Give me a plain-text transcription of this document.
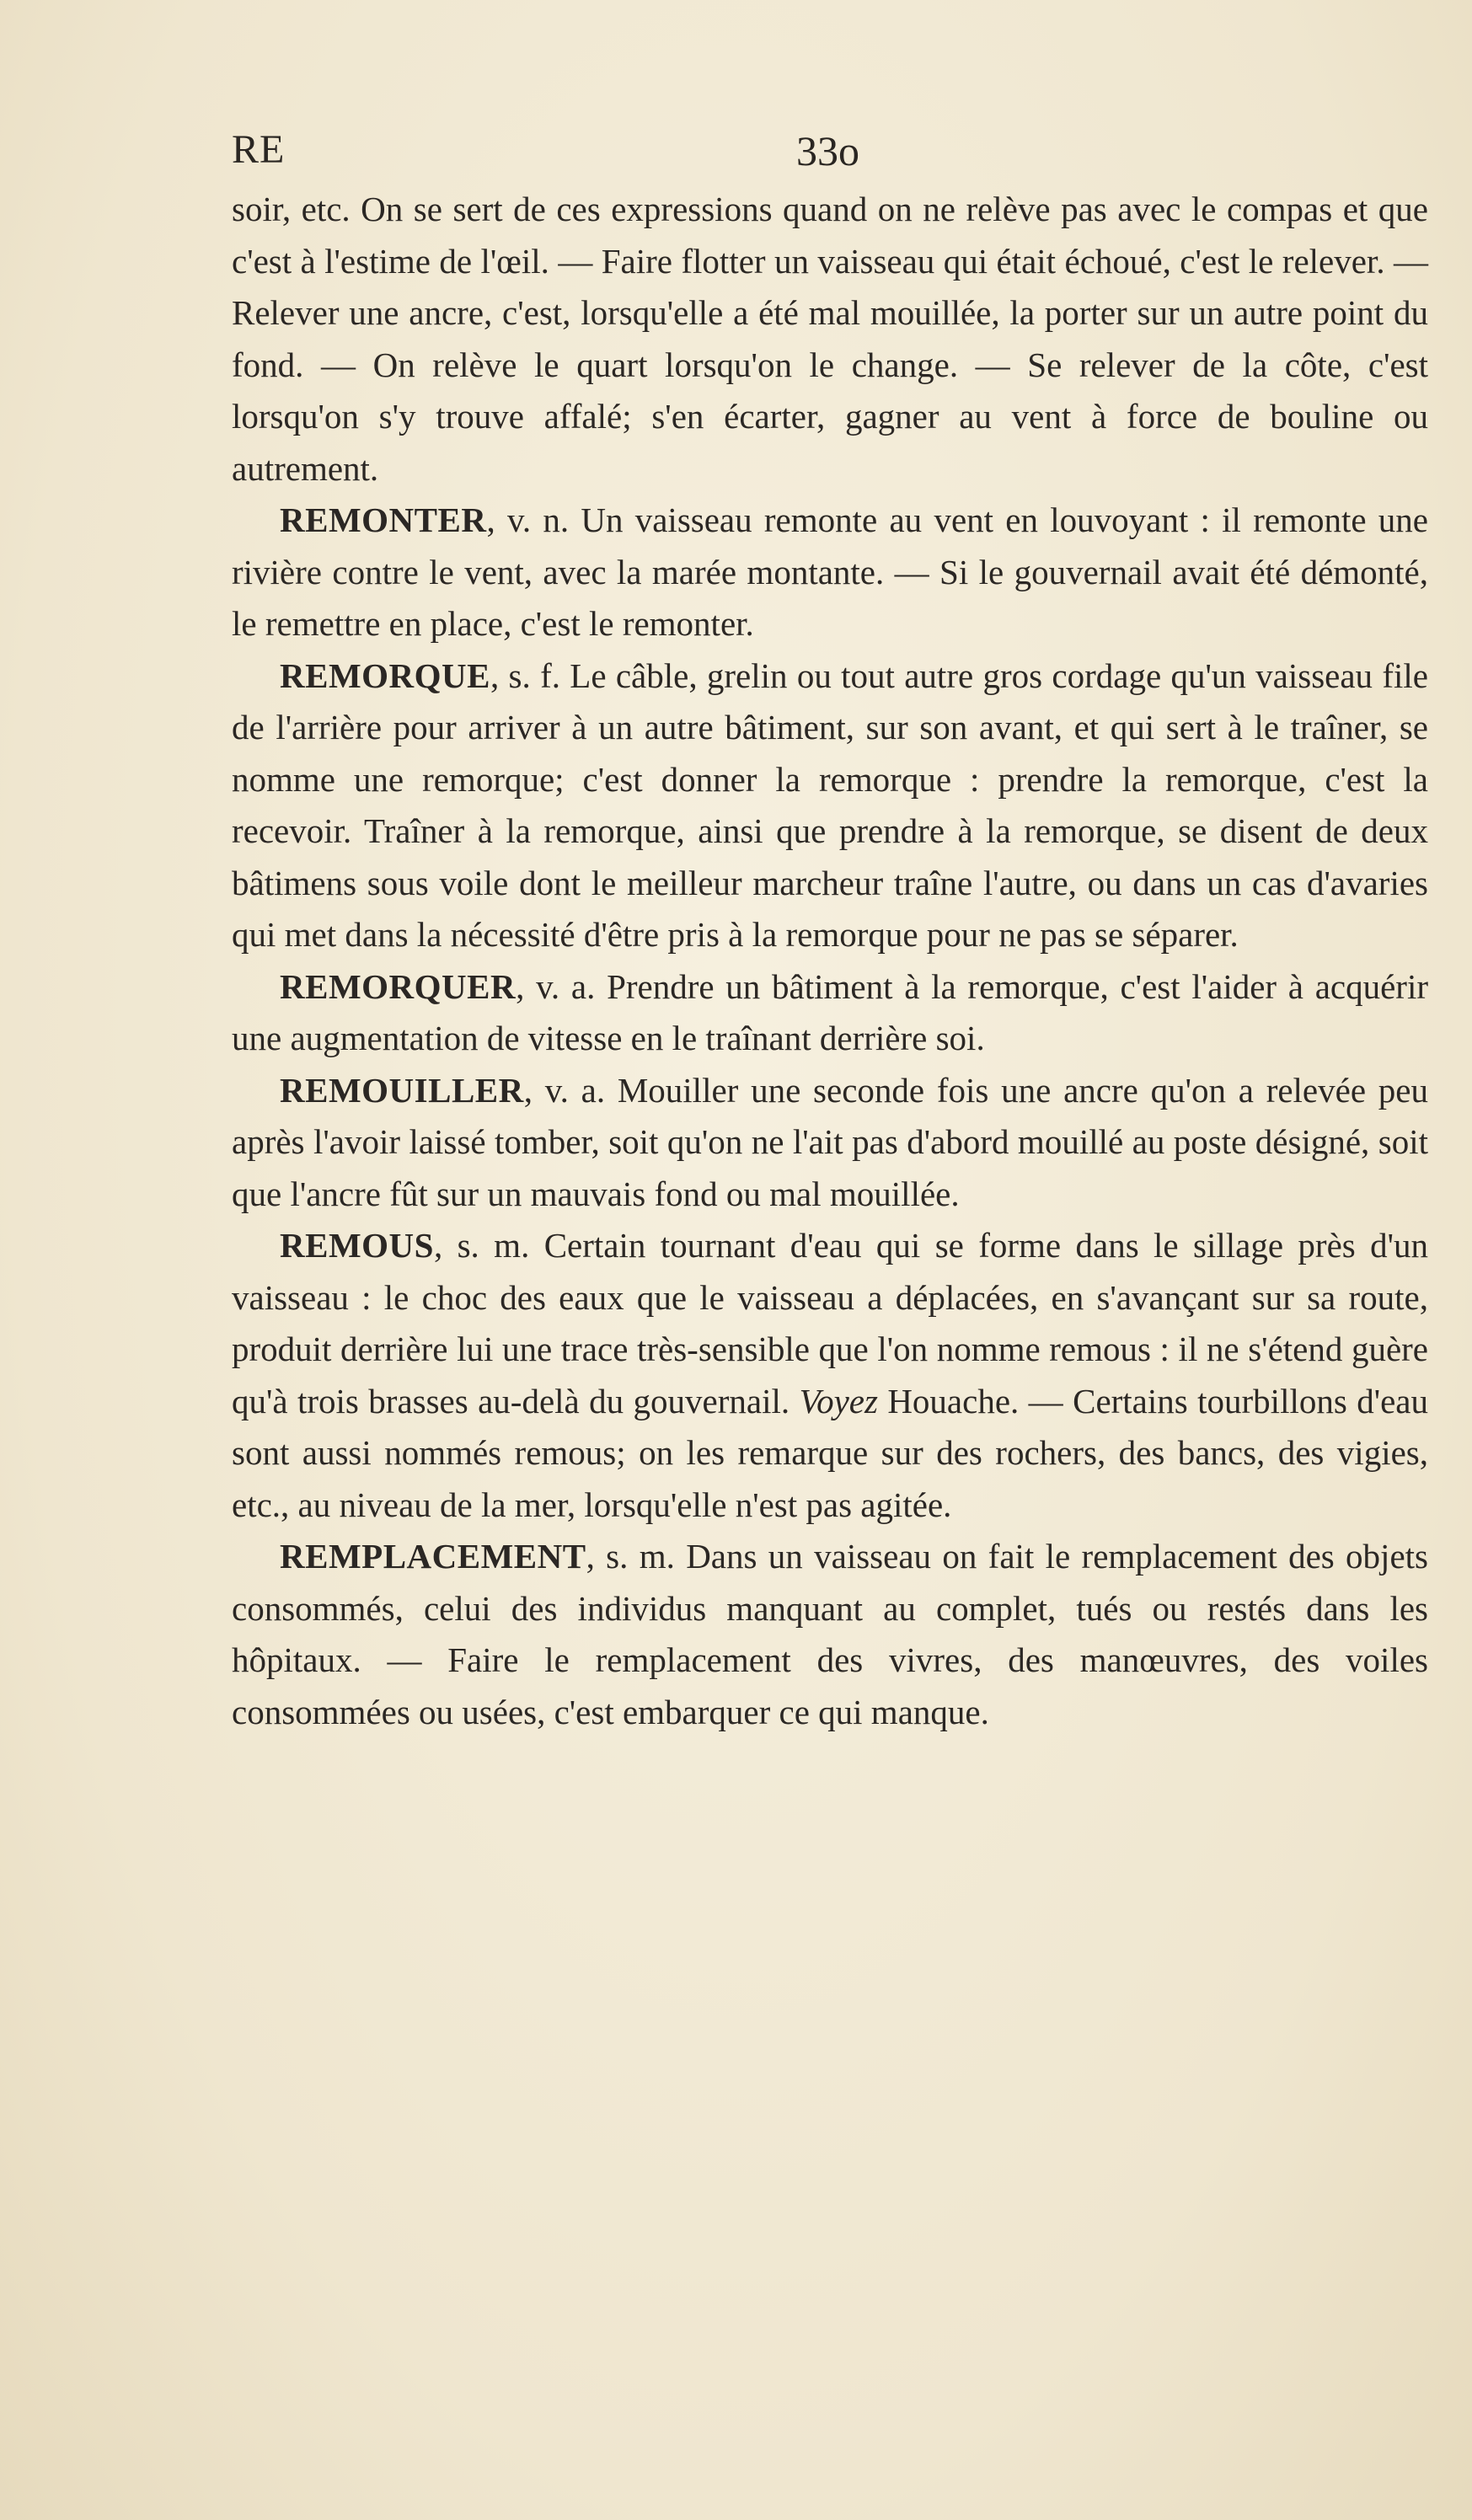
RE	33o

soir, etc. On se sert de ces expressions quand on ne relève pas avec le compas et que c'est à l'estime de l'œil. — Faire flotter un vaisseau qui était échoué, c'est le relever. — Relever une ancre, c'est, lorsqu'elle a été mal mouillée, la porter sur un autre point du fond. — On relève le quart lorsqu'on le change. — Se relever de la côte, c'est lorsqu'on s'y trouve affalé; s'en écarter, gagner au vent à force de bouline ou autrement.

REMONTER, v. n. Un vaisseau remonte au vent en louvoyant : il remonte une rivière contre le vent, avec la marée montante. — Si le gouvernail avait été démonté, le remettre en place, c'est le remonter.

REMORQUE, s. f. Le câble, grelin ou tout autre gros cordage qu'un vaisseau file de l'arrière pour arriver à un autre bâtiment, sur son avant, et qui sert à le traîner, se nomme une remorque; c'est donner la remorque : prendre la remorque, c'est la recevoir. Traîner à la remorque, ainsi que prendre à la remorque, se disent de deux bâtimens sous voile dont le meilleur marcheur traîne l'autre, ou dans un cas d'avaries qui met dans la nécessité d'être pris à la remorque pour ne pas se séparer.

REMORQUER, v. a. Prendre un bâtiment à la remorque, c'est l'aider à acquérir une augmentation de vitesse en le traînant derrière soi.

REMOUILLER, v. a. Mouiller une seconde fois une ancre qu'on a relevée peu après l'avoir laissé tomber, soit qu'on ne l'ait pas d'abord mouillé au poste désigné, soit que l'ancre fût sur un mauvais fond ou mal mouillée.

REMOUS, s. m. Certain tournant d'eau qui se forme dans le sillage près d'un vaisseau : le choc des eaux que le vaisseau a déplacées, en s'avançant sur sa route, produit derrière lui une trace très-sensible que l'on nomme remous : il ne s'étend guère qu'à trois brasses au-delà du gouvernail. Voyez Houache. — Certains tourbillons d'eau sont aussi nommés remous; on les remarque sur des rochers, des bancs, des vigies, etc., au niveau de la mer, lorsqu'elle n'est pas agitée.

REMPLACEMENT, s. m. Dans un vaisseau on fait le remplacement des objets consommés, celui des individus manquant au complet, tués ou restés dans les hôpitaux. — Faire le remplacement des vivres, des manœuvres, des voiles consommées ou usées, c'est embarquer ce qui manque.
